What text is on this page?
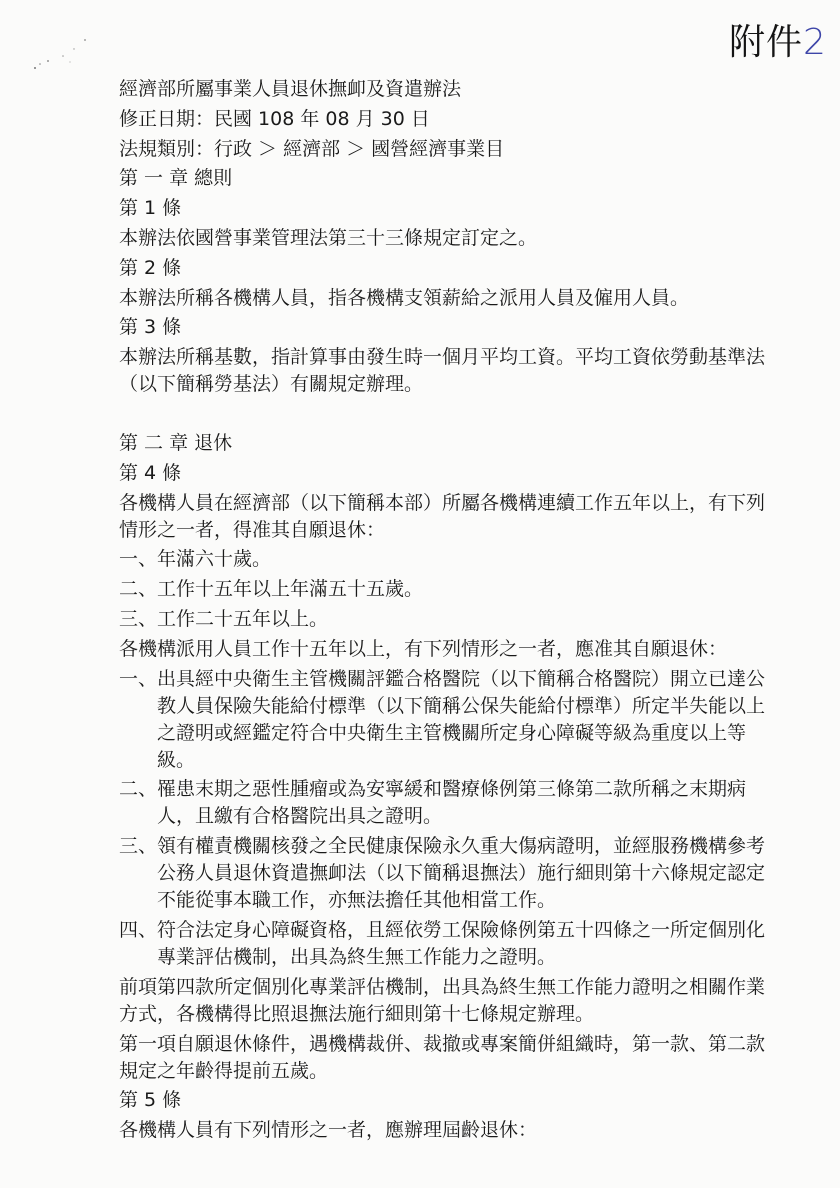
附件2

經濟部所屬事業人員退休撫卹及資遣辦法

修正日期：民國 108 年 08 月 30 日

法規類別：行政 ＞ 經濟部 ＞ 國營經濟事業目

第 一 章 總則

第 1 條

本辦法依國營事業管理法第三十三條規定訂定之。

第 2 條

本辦法所稱各機構人員，指各機構支領薪給之派用人員及僱用人員。

第 3 條

本辦法所稱基數，指計算事由發生時一個月平均工資。平均工資依勞動基準法（以下簡稱勞基法）有關規定辦理。

第 二 章 退休

第 4 條

各機構人員在經濟部（以下簡稱本部）所屬各機構連續工作五年以上，有下列情形之一者，得准其自願退休：

一、年滿六十歲。

二、工作十五年以上年滿五十五歲。

三、工作二十五年以上。

各機構派用人員工作十五年以上，有下列情形之一者，應准其自願退休：

一、出具經中央衛生主管機關評鑑合格醫院（以下簡稱合格醫院）開立已達公教人員保險失能給付標準（以下簡稱公保失能給付標準）所定半失能以上之證明或經鑑定符合中央衛生主管機關所定身心障礙等級為重度以上等級。

二、罹患末期之惡性腫瘤或為安寧緩和醫療條例第三條第二款所稱之末期病人，且繳有合格醫院出具之證明。

三、領有權責機關核發之全民健康保險永久重大傷病證明，並經服務機構參考公務人員退休資遣撫卹法（以下簡稱退撫法）施行細則第十六條規定認定不能從事本職工作，亦無法擔任其他相當工作。

四、符合法定身心障礙資格，且經依勞工保險條例第五十四條之一所定個別化專業評估機制，出具為終生無工作能力之證明。

前項第四款所定個別化專業評估機制，出具為終生無工作能力證明之相關作業方式，各機構得比照退撫法施行細則第十七條規定辦理。

第一項自願退休條件，遇機構裁併、裁撤或專案簡併組織時，第一款、第二款規定之年齡得提前五歲。

第 5 條

各機構人員有下列情形之一者，應辦理屆齡退休：
